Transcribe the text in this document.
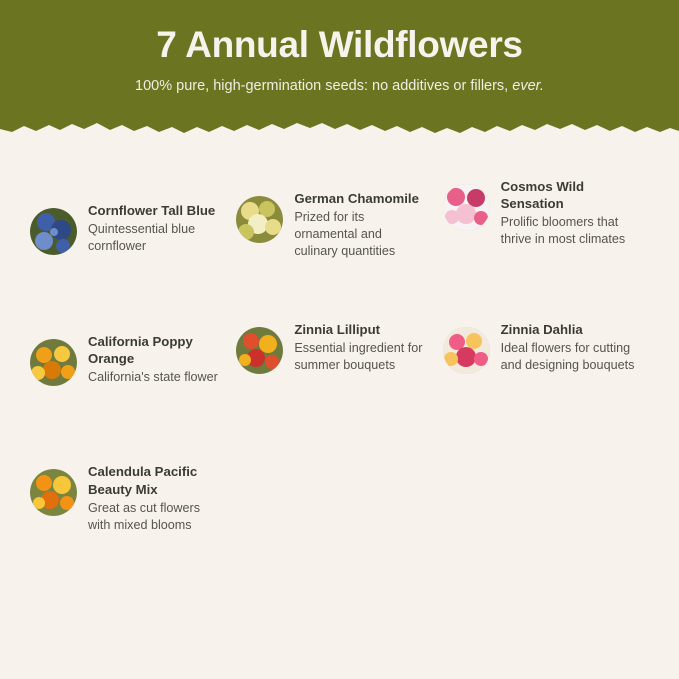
7 Annual Wildflowers
100% pure, high-germination seeds: no additives or fillers, ever.

Cornflower Tall Blue

Quintessential blue cornflower

German Chamomile

Prized for its ornamental and culinary quantities

Cosmos Wild Sensation

Prolific bloomers that thrive in most climates

California Poppy Orange

California's state flower

Zinnia Lilliput

Essential ingredient for summer bouquets

Zinnia Dahlia

Ideal flowers for cutting and designing bouquets

Calendula Pacific Beauty Mix

Great as cut flowers with mixed blooms
